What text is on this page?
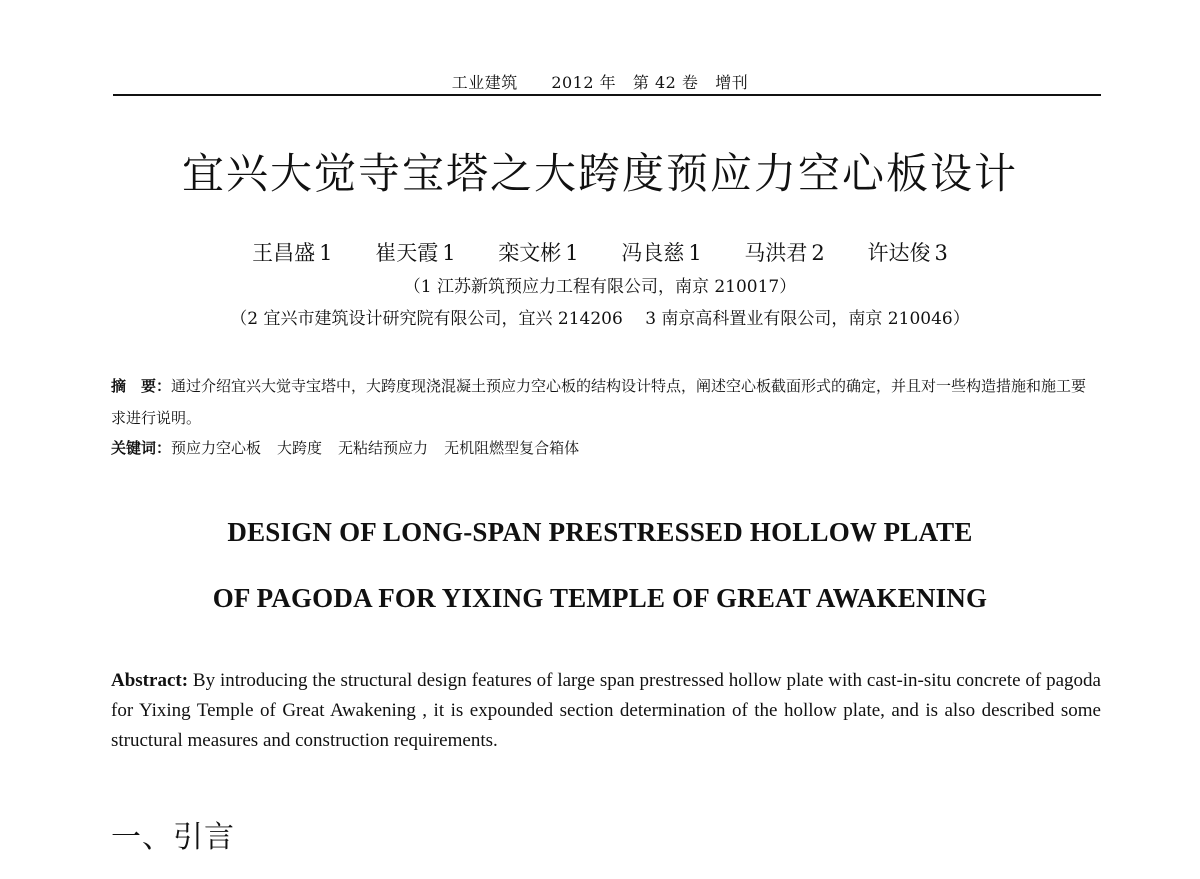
工业建筑 2012 年 第 42 卷 增刊
宜兴大觉寺宝塔之大跨度预应力空心板设计
王昌盛 1 崔天霞 1 栾文彬 1 冯良慈 1 马洪君 2 许达俊 3
（1 江苏新筑预应力工程有限公司，南京 210017）
（2 宜兴市建筑设计研究院有限公司，宜兴 214206　 3 南京高科置业有限公司，南京 210046）
摘　要：通过介绍宜兴大觉寺宝塔中，大跨度现浇混凝土预应力空心板的结构设计特点，阐述空心板截面形式的确定，并且对一些构造措施和施工要求进行说明。
关键词：预应力空心板 大跨度 无粘结预应力 无机阻燃型复合箱体
DESIGN OF LONG-SPAN PRESTRESSED HOLLOW PLATE
OF PAGODA FOR YIXING TEMPLE OF GREAT AWAKENING
Abstract: By introducing the structural design features of large span prestressed hollow plate with cast-in-situ concrete of pagoda for Yixing Temple of Great Awakening , it is expounded section determination of the hollow plate, and is also described some structural measures and construction requirements.
一、引言
